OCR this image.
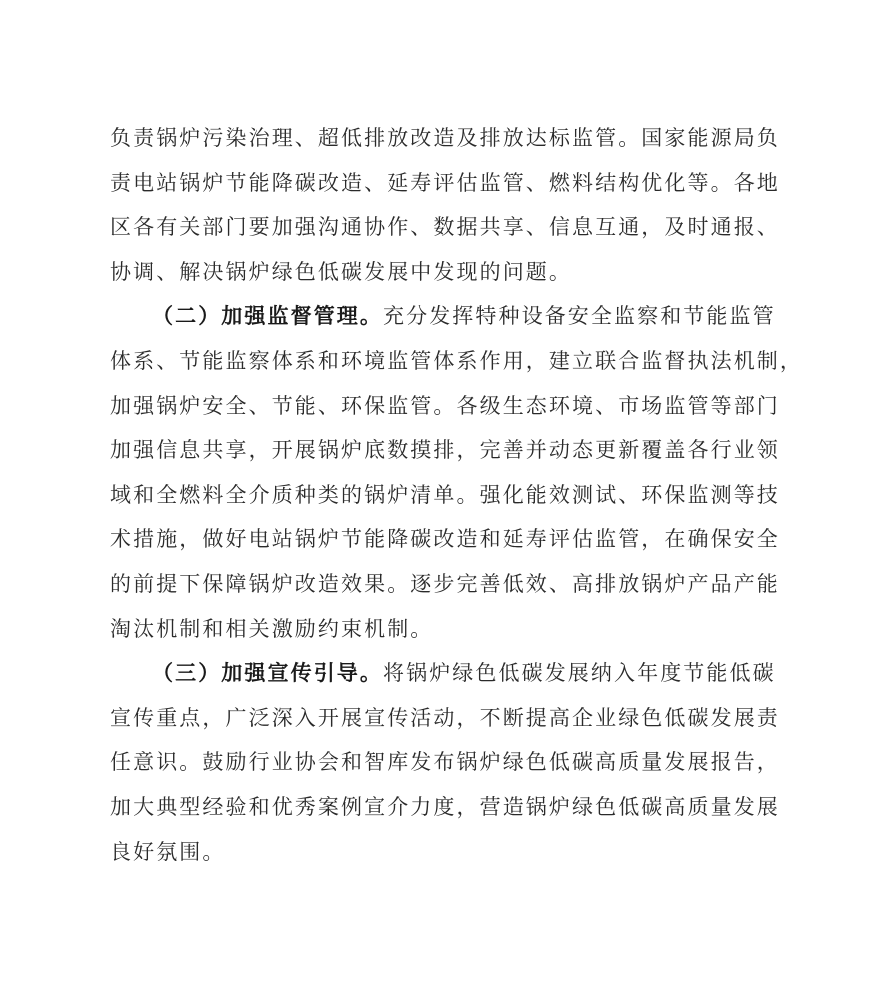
负责锅炉污染治理、超低排放改造及排放达标监管。国家能源局负
责电站锅炉节能降碳改造、延寿评估监管、燃料结构优化等。各地
区各有关部门要加强沟通协作、数据共享、信息互通，及时通报、
协调、解决锅炉绿色低碳发展中发现的问题。
（二）加强监督管理。充分发挥特种设备安全监察和节能监管
体系、节能监察体系和环境监管体系作用，建立联合监督执法机制，
加强锅炉安全、节能、环保监管。各级生态环境、市场监管等部门
加强信息共享，开展锅炉底数摸排，完善并动态更新覆盖各行业领
域和全燃料全介质种类的锅炉清单。强化能效测试、环保监测等技
术措施，做好电站锅炉节能降碳改造和延寿评估监管，在确保安全
的前提下保障锅炉改造效果。逐步完善低效、高排放锅炉产品产能
淘汰机制和相关激励约束机制。
（三）加强宣传引导。将锅炉绿色低碳发展纳入年度节能低碳
宣传重点，广泛深入开展宣传活动，不断提高企业绿色低碳发展责
任意识。鼓励行业协会和智库发布锅炉绿色低碳高质量发展报告，
加大典型经验和优秀案例宣介力度，营造锅炉绿色低碳高质量发展
良好氛围。
